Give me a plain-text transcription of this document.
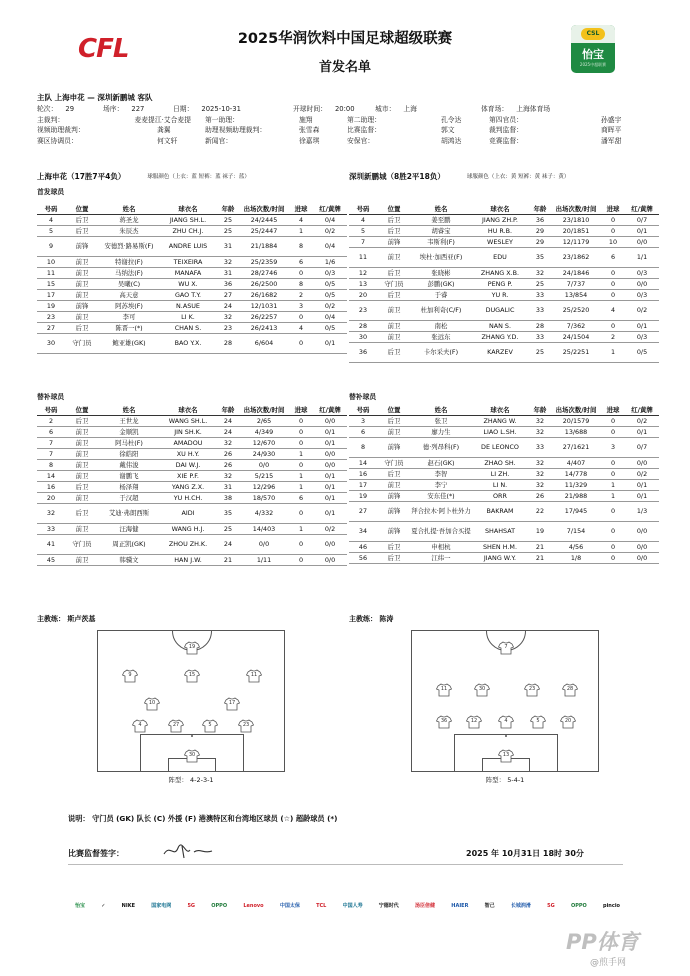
CFL	2025华润饮料中国足球超级联赛
首发名单
CSL
怡宝
2025中超联赛
主队 上海申花 — 深圳新鹏城 客队
轮次： 29	场序： 227	日期： 2025-10-31	开球时间： 20:00	城市： 上海	体育场： 上海体育场
主裁判：	麦麦提江·艾合麦提 第一助理：	施翔	第二助理：	孔令达	第四官员：	孙盛宇
视频助理裁判：	龚翼	助理视频助理裁判：	张雪森	比赛监督：	郭文	裁判监督：	商晖平
赛区协调员：	何文轩	新闻官：	徐嘉琪	安保官：	胡鸿达	竞赛监督：	潘军甜
上海申花（17胜7平4负）	球服颜色（上衣：蓝 短裤：蓝 袜子：蓝）	深圳新鹏城（8胜2平18负）	球服颜色（上衣：黄 短裤：黄 袜子：黄）
首发球员
号码	位置	姓名	球衣名	年龄	出场次数/时间	进球	红/黄牌
4	后卫	蒋圣龙	JIANG SH.L.	25	24/2445	4	0/4
5	后卫	朱辰杰	ZHU CH.J.	25	25/2447	1	0/2
9	前锋	安德烈·路易斯(F)	ANDRE LUIS	31	21/1884	8	0/4
10	前卫	特谢拉(F)	TEIXEIRA	32	25/2359	6	1/6
11	前卫	马纳法(F)	MANAFA	31	28/2746	0	0/3
15	前卫	吴曦(C)	WU X.	36	26/2500	8	0/5
17	前卫	高天意	GAO T.Y.	27	26/1682	2	0/5
19	前锋	阿苏埃(F)	N.ASUE	24	12/1031	3	0/2
23	前卫	李可	LI K.	32	26/2257	0	0/4
27	后卫	陈晋一(*)	CHAN S.	23	26/2413	4	0/5
30	守门员	鲍亚雄(GK)	BAO Y.X.	28	6/604	0	0/1
号码	位置	姓名	球衣名	年龄	出场次数/时间	进球	红/黄牌
4	后卫	姜至鹏	JIANG ZH.P.	36	23/1810	0	0/7
5	后卫	胡睿宝	HU R.B.	29	20/1851	0	0/1
7	前锋	韦斯利(F)	WESLEY	29	12/1179	10	0/0
11	前卫	埃杜·加西亚(F)	EDU	35	23/1862	6	1/1
12	后卫	张晓彬	ZHANG X.B.	32	24/1846	0	0/3
13	守门员	彭鹏(GK)	PENG P.	25	7/737	0	0/0
20	后卫	于睿	YU R.	33	13/854	0	0/3
23	前卫	杜加利奇(C/F)	DUGALIC	33	25/2520	4	0/2
28	前卫	南松	NAN S.	28	7/362	0	0/1
30	前卫	张远东	ZHANG Y.D.	33	24/1504	2	0/3
36	后卫	卡尔采夫(F)	KARZEV	25	25/2251	1	0/5
替补球员	替补球员
号码	位置	姓名	球衣名	年龄	出场次数/时间	进球	红/黄牌
2	后卫	王世龙	WANG SH.L.	24	2/65	0	0/0
6	前卫	金顺凯	JIN SH.K.	24	4/349	0	0/1
7	前卫	阿马杜(F)	AMADOU	32	12/670	0	0/1
7	前卫	徐皓阳	XU H.Y.	26	24/930	1	0/0
8	前卫	戴伟浚	DAI W.J.	26	0/0	0	0/0
14	前卫	谢鹏飞	XIE P.F.	32	5/215	1	0/1
16	后卫	杨泽翔	YANG Z.X.	31	12/296	1	0/1
20	前卫	于汉超	YU H.CH.	38	18/570	6	0/1
32	后卫	艾迪·弗朗西斯	AIDI	35	4/332	0	0/1
33	前卫	汪海健	WANG H.J.	25	14/403	1	0/2
41	守门员	周正凯(GK)	ZHOU ZH.K.	24	0/0	0	0/0
45	前卫	韩骥文	HAN J.W.	21	1/11	0	0/0
号码	位置	姓名	球衣名	年龄	出场次数/时间	进球	红/黄牌
3	后卫	张卫	ZHANG W.	32	20/1579	0	0/2
6	前卫	廖力生	LIAO L.SH.	32	13/688	0	0/1
8	前锋	德·列昂科(F)	DE LEONCO	33	27/1621	3	0/7
14	守门员	赵石(GK)	ZHAO SH.	32	4/407	0	0/0
16	后卫	李智	LI ZH.	32	14/778	0	0/2
17	前卫	李宁	LI N.	32	11/329	1	0/1
19	前锋	安东佳(*)	ORR	26	21/988	1	0/1
27	前锋	拜合拉木·阿卜杜外力	BAKRAM	22	17/945	0	1/3
34	前锋	夏合扎提·吾加合买提	SHAHSAT	19	7/154	0	0/0
46	后卫	申相杭	SHEN H.M.	21	4/56	0	0/0
56	后卫	江纬一	JIANG W.Y.	21	1/8	0	0/0
主教练： 斯卢茨基	主教练： 陈涛
19
9	15	11
10	17
4	27	5	23
30
7
11	30	23	28
36	12	4	5	20
13
阵型： 4-2-3-1	阵型： 5-4-1
说明： 守门员 (GK) 队长 (C) 外援 (F) 港澳特区和台湾地区球员 (☆) 超龄球员 (*)
比赛监督签字：	2025 年 10月31日 18时 30分
怡宝	✓	NIKE	国家电网	5G	OPPO	Lenovo	中国太保	TCL	中国人寿	宁德时代	汤臣倍健	HAIER	智己	长城润滑	5G	OPPO	pincio
PP体育
@煎手网
